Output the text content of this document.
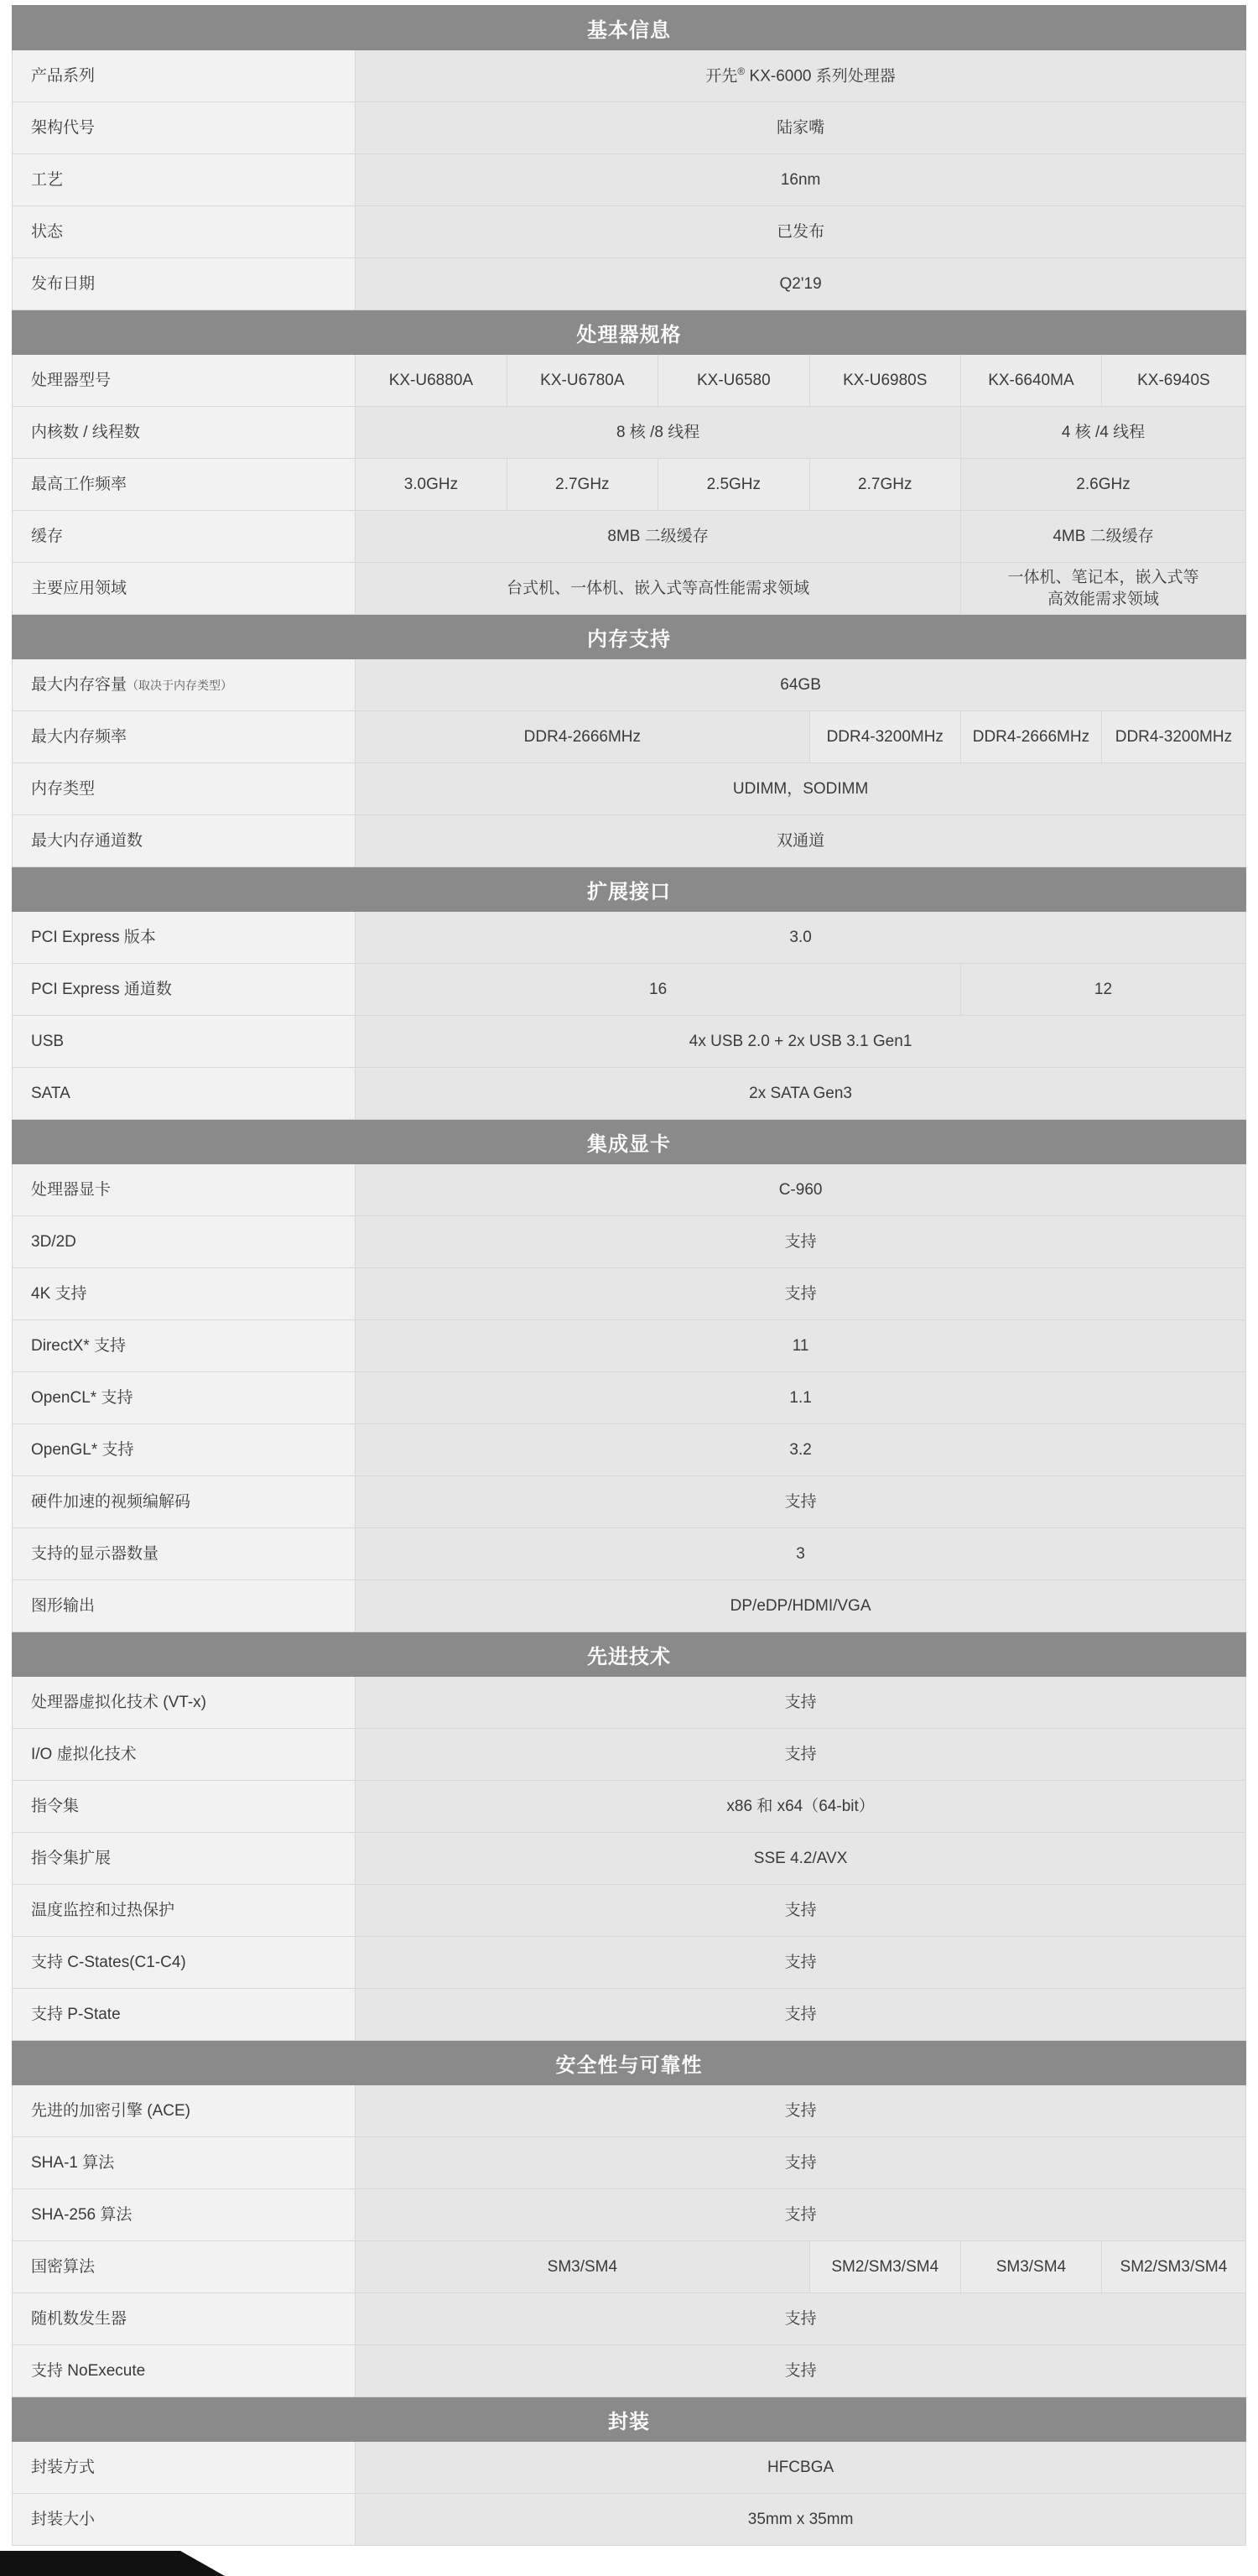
基本信息						
产品系列	开先® KX-6000 系列处理器					
架构代号	陆家嘴					
工艺	16nm					
状态	已发布					
发布日期	Q2'19					
处理器规格						
处理器型号	KX-U6880A	KX-U6780A	KX-U6580	KX-U6980S	KX-6640MA	KX-6940S
内核数 / 线程数	8 核 /8 线程				4 核 /4 线程	
最高工作频率	3.0GHz	2.7GHz	2.5GHz	2.7GHz	2.6GHz	
缓存	8MB 二级缓存				4MB 二级缓存	
主要应用领域	台式机、一体机、嵌入式等高性能需求领域				一体机、笔记本，嵌入式等
高效能需求领域	
内存支持						
最大内存容量（取决于内存类型）	64GB					
最大内存频率	DDR4-2666MHz			DDR4-3200MHz	DDR4-2666MHz	DDR4-3200MHz
内存类型	UDIMM，SODIMM					
最大内存通道数	双通道					
扩展接口						
PCI Express 版本	3.0					
PCI Express 通道数	16				12	
USB	4x USB 2.0 + 2x USB 3.1 Gen1					
SATA	2x SATA Gen3					
集成显卡						
处理器显卡	C-960					
3D/2D	支持					
4K 支持	支持					
DirectX* 支持	11					
OpenCL* 支持	1.1					
OpenGL* 支持	3.2					
硬件加速的视频编解码	支持					
支持的显示器数量	3					
图形输出	DP/eDP/HDMI/VGA					
先进技术						
处理器虚拟化技术 (VT-x)	支持					
I/O 虚拟化技术	支持					
指令集	x86 和 x64（64-bit）					
指令集扩展	SSE 4.2/AVX					
温度监控和过热保护	支持					
支持 C-States(C1-C4)	支持					
支持 P-State	支持					
安全性与可靠性						
先进的加密引擎 (ACE)	支持					
SHA-1 算法	支持					
SHA-256 算法	支持					
国密算法	SM3/SM4			SM2/SM3/SM4	SM3/SM4	SM2/SM3/SM4
随机数发生器	支持					
支持 NoExecute	支持					
封装						
封装方式	HFCBGA					
封装大小	35mm x 35mm					
